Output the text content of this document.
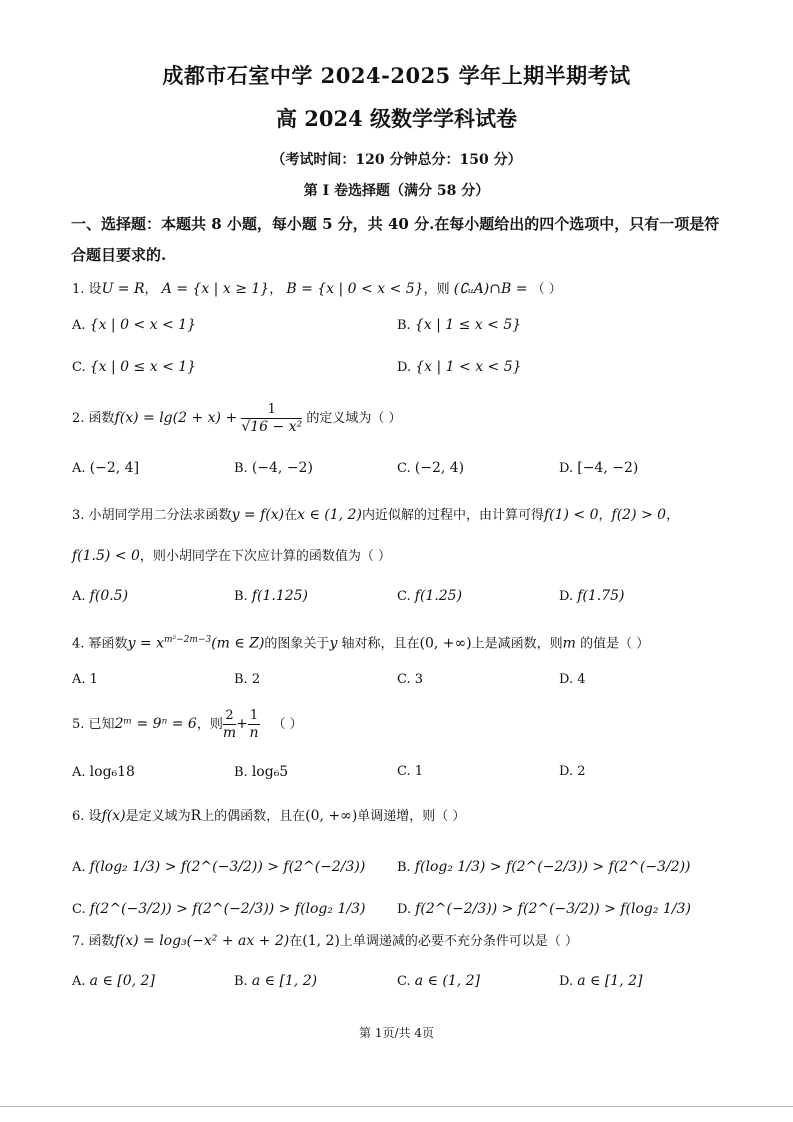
成都市石室中学 2024-2025 学年上期半期考试
高 2024 级数学学科试卷
（考试时间：120 分钟总分：150 分）
第 I 卷选择题（满分 58 分）
一、选择题：本题共 8 小题，每小题 5 分，共 40 分.在每小题给出的四个选项中，只有一项是符合题目要求的.
1. 设U = R， A = {x | x ≥ 1}， B = {x | 0 < x < 5}，则 (∁ᵤA)∩B = （ ）
A. {x | 0 < x < 1}	B. {x | 1 ≤ x < 5}
C. {x | 0 ≤ x < 1}	D. {x | 1 < x < 5}
2. 函数$f(x) = \lg(2 + x) + \frac{1}{\text{√16 − x²}}$ 的定义域为（ ）
A. (−2, 4]	B. (−4, −2)	C. (−2, 4)	D. [−4, −2)
3. 小胡同学用二分法求函数y = f(x)在x ∈ (1, 2)内近似解的过程中，由计算可得f(1) < 0，f(2) > 0，
f(1.5) < 0，则小胡同学在下次应计算的函数值为（ ）
A. f(0.5)	B. f(1.125)	C. f(1.25)	D. f(1.75)
4. 幂函数$y = x^{m^2-2m-3}(m$ ∈ Z)的图象关于y 轴对称，且在(0, +∞)上是减函数，则m 的值是（ ）
A. 1	B. 2	C. 3	D. 4
5. 已知2ᵐ = 9ⁿ = 6，则 $\frac{2}{m} + \frac{1}{n}$ （ ）
A. log₆18	B. log₆5	C. 1	D. 2
6. 设f(x)是定义域为R上的偶函数，且在(0, +∞)单调递增，则（ ）
A. f(log₂ 1/3) > f(2^(−3/2)) > f(2^(−2/3)) B. f(log₂ 1/3) > f(2^(−2/3)) > f(2^(−3/2))
C. f(2^(−3/2)) > f(2^(−2/3)) > f(log₂ 1/3) D. f(2^(−2/3)) > f(2^(−3/2)) > f(log₂ 1/3)
7. 函数f(x) = log₃(−x² + ax + 2)在(1, 2)上单调递减的必要不充分条件可以是（ ）
A. a ∈ [0, 2]	B. a ∈ [1, 2)	C. a ∈ (1, 2]	D. a ∈ [1, 2]
第 1页/共 4页
